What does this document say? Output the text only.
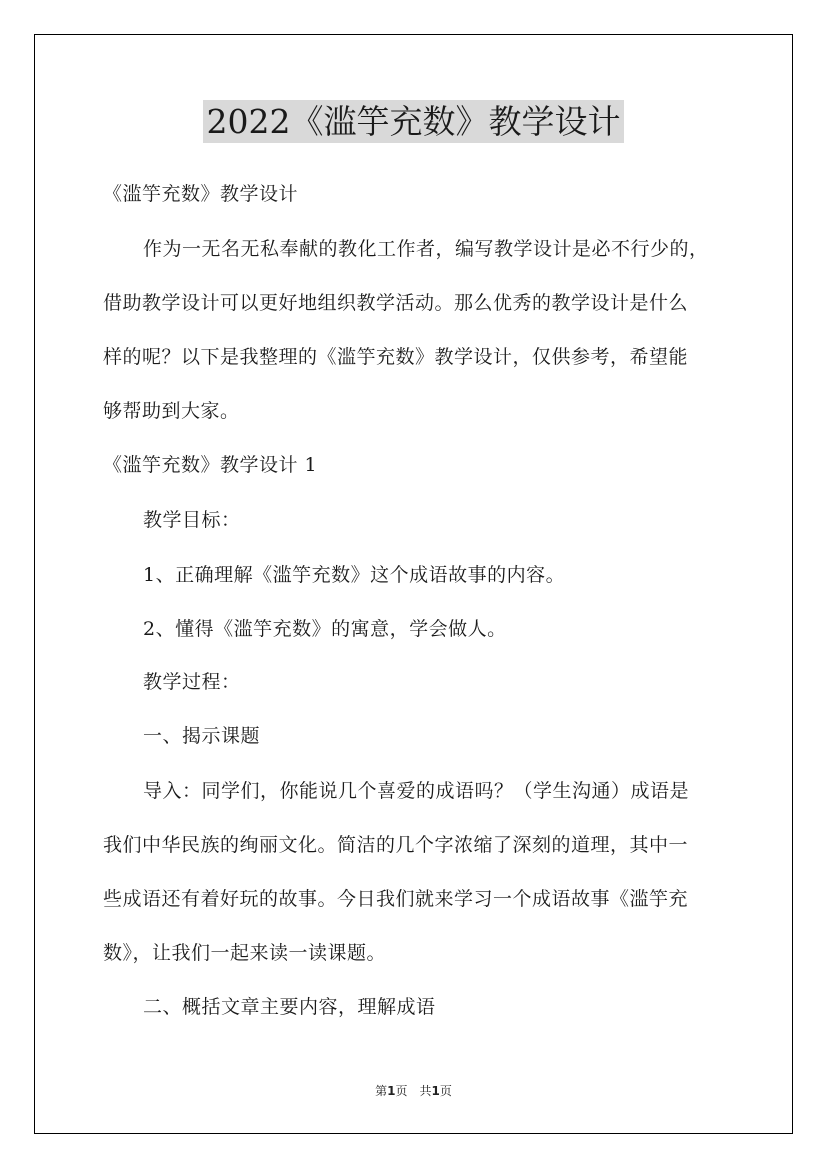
2022《滥竽充数》教学设计

《滥竽充数》教学设计

作为一无名无私奉献的教化工作者，编写教学设计是必不行少的，

借助教学设计可以更好地组织教学活动。那么优秀的教学设计是什么

样的呢？以下是我整理的《滥竽充数》教学设计，仅供参考，希望能

够帮助到大家。

《滥竽充数》教学设计 1

教学目标：

1、正确理解《滥竽充数》这个成语故事的内容。

2、懂得《滥竽充数》的寓意，学会做人。

教学过程：

一、揭示课题

导入：同学们，你能说几个喜爱的成语吗？（学生沟通）成语是

我们中华民族的绚丽文化。简洁的几个字浓缩了深刻的道理，其中一

些成语还有着好玩的故事。今日我们就来学习一个成语故事《滥竽充

数》，让我们一起来读一读课题。

二、概括文章主要内容，理解成语

第1页　共1页
